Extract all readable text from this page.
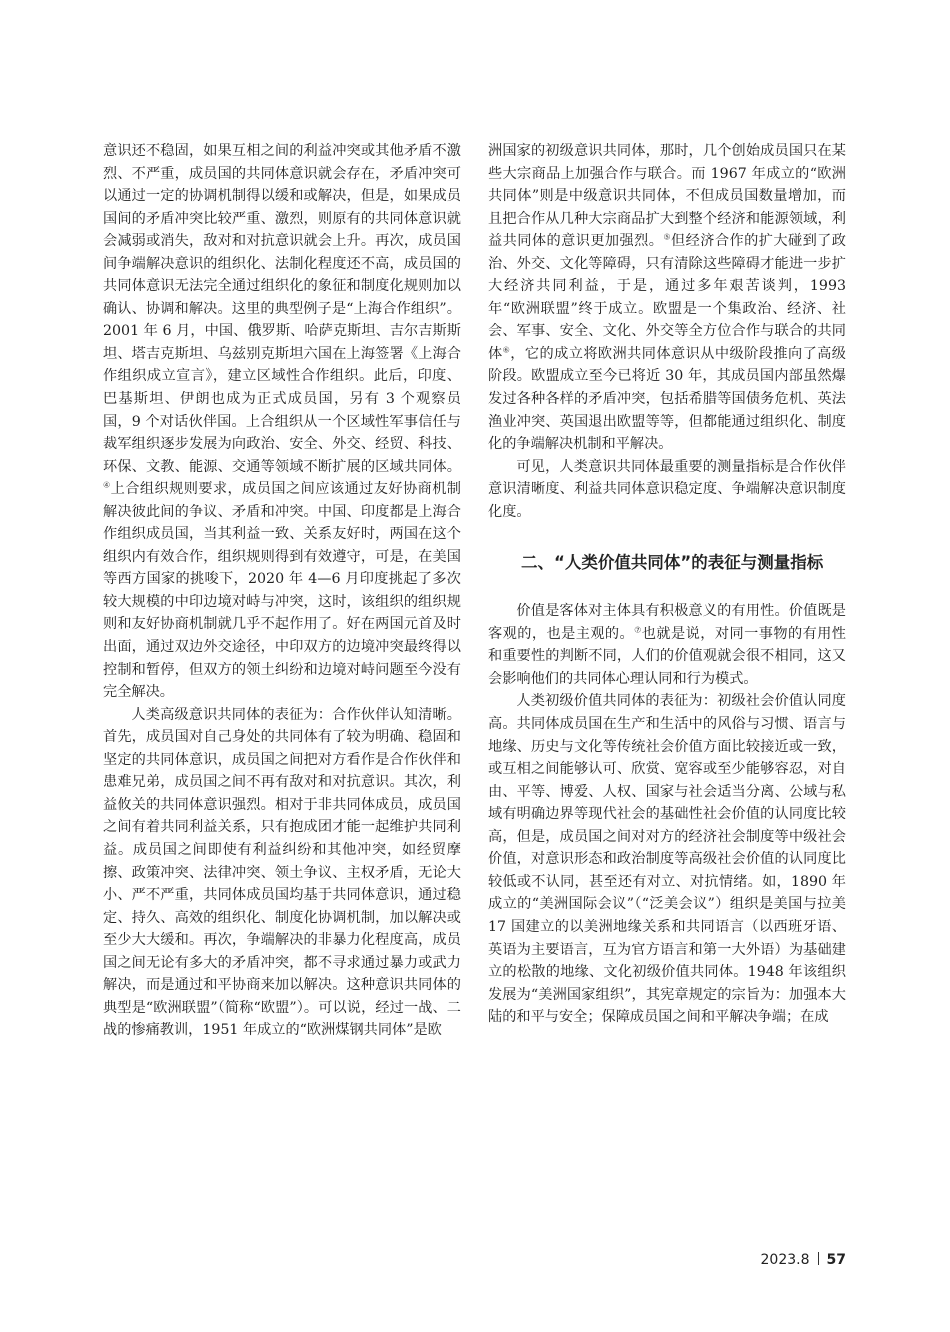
意识还不稳固，如果互相之间的利益冲突或其他矛盾不激烈、不严重，成员国的共同体意识就会存在，矛盾冲突可以通过一定的协调机制得以缓和或解决，但是，如果成员国间的矛盾冲突比较严重、激烈，则原有的共同体意识就会减弱或消失，敌对和对抗意识就会上升。再次，成员国间争端解决意识的组织化、法制化程度还不高，成员国的共同体意识无法完全通过组织化的象征和制度化规则加以确认、协调和解决。这里的典型例子是“上海合作组织”。2001 年 6 月，中国、俄罗斯、哈萨克斯坦、吉尔吉斯斯坦、塔吉克斯坦、乌兹别克斯坦六国在上海签署《上海合作组织成立宣言》，建立区域性合作组织。此后，印度、巴基斯坦、伊朗也成为正式成员国，另有 3 个观察员国，9 个对话伙伴国。上合组织从一个区域性军事信任与裁军组织逐步发展为向政治、安全、外交、经贸、科技、环保、文教、能源、交通等领域不断扩展的区域共同体。④上合组织规则要求，成员国之间应该通过友好协商机制解决彼此间的争议、矛盾和冲突。中国、印度都是上海合作组织成员国，当其利益一致、关系友好时，两国在这个组织内有效合作，组织规则得到有效遵守，可是，在美国等西方国家的挑唆下，2020 年 4—6 月印度挑起了多次较大规模的中印边境对峙与冲突，这时，该组织的组织规则和友好协商机制就几乎不起作用了。好在两国元首及时出面，通过双边外交途径，中印双方的边境冲突最终得以控制和暂停，但双方的领土纠纷和边境对峙问题至今没有完全解决。

人类高级意识共同体的表征为：合作伙伴认知清晰。首先，成员国对自己身处的共同体有了较为明确、稳固和坚定的共同体意识，成员国之间把对方看作是合作伙伴和患难兄弟，成员国之间不再有敌对和对抗意识。其次，利益攸关的共同体意识强烈。相对于非共同体成员，成员国之间有着共同利益关系，只有抱成团才能一起维护共同利益。成员国之间即使有利益纠纷和其他冲突，如经贸摩擦、政策冲突、法律冲突、领土争议、主权矛盾，无论大小、严不严重，共同体成员国均基于共同体意识，通过稳定、持久、高效的组织化、制度化协调机制，加以解决或至少大大缓和。再次，争端解决的非暴力化程度高，成员国之间无论有多大的矛盾冲突，都不寻求通过暴力或武力解决，而是通过和平协商来加以解决。这种意识共同体的典型是“欧洲联盟”（简称“欧盟”）。可以说，经过一战、二战的惨痛教训，1951 年成立的“欧洲煤钢共同体”是欧

洲国家的初级意识共同体，那时，几个创始成员国只在某些大宗商品上加强合作与联合。而 1967 年成立的“欧洲共同体”则是中级意识共同体，不但成员国数量增加，而且把合作从几种大宗商品扩大到整个经济和能源领域，利益共同体的意识更加强烈。⑤但经济合作的扩大碰到了政治、外交、文化等障碍，只有清除这些障碍才能进一步扩大经济共同利益，于是，通过多年艰苦谈判，1993 年“欧洲联盟”终于成立。欧盟是一个集政治、经济、社会、军事、安全、文化、外交等全方位合作与联合的共同体⑥，它的成立将欧洲共同体意识从中级阶段推向了高级阶段。欧盟成立至今已将近 30 年，其成员国内部虽然爆发过各种各样的矛盾冲突，包括希腊等国债务危机、英法渔业冲突、英国退出欧盟等等，但都能通过组织化、制度化的争端解决机制和平解决。

可见，人类意识共同体最重要的测量指标是合作伙伴意识清晰度、利益共同体意识稳定度、争端解决意识制度化度。

二、“人类价值共同体”的表征与测量指标

价值是客体对主体具有积极意义的有用性。价值既是客观的，也是主观的。⑦也就是说，对同一事物的有用性和重要性的判断不同，人们的价值观就会很不相同，这又会影响他们的共同体心理认同和行为模式。

人类初级价值共同体的表征为：初级社会价值认同度高。共同体成员国在生产和生活中的风俗与习惯、语言与地缘、历史与文化等传统社会价值方面比较接近或一致，或互相之间能够认可、欣赏、宽容或至少能够容忍，对自由、平等、博爱、人权、国家与社会适当分离、公域与私域有明确边界等现代社会的基础性社会价值的认同度比较高，但是，成员国之间对对方的经济社会制度等中级社会价值，对意识形态和政治制度等高级社会价值的认同度比较低或不认同，甚至还有对立、对抗情绪。如，1890 年成立的“美洲国际会议”（“泛美会议”）组织是美国与拉美 17 国建立的以美洲地缘关系和共同语言（以西班牙语、英语为主要语言，互为官方语言和第一大外语）为基础建立的松散的地缘、文化初级价值共同体。1948 年该组织发展为“美洲国家组织”，其宪章规定的宗旨为：加强本大陆的和平与安全；保障成员国之间和平解决争端；在成

2023.8 57
